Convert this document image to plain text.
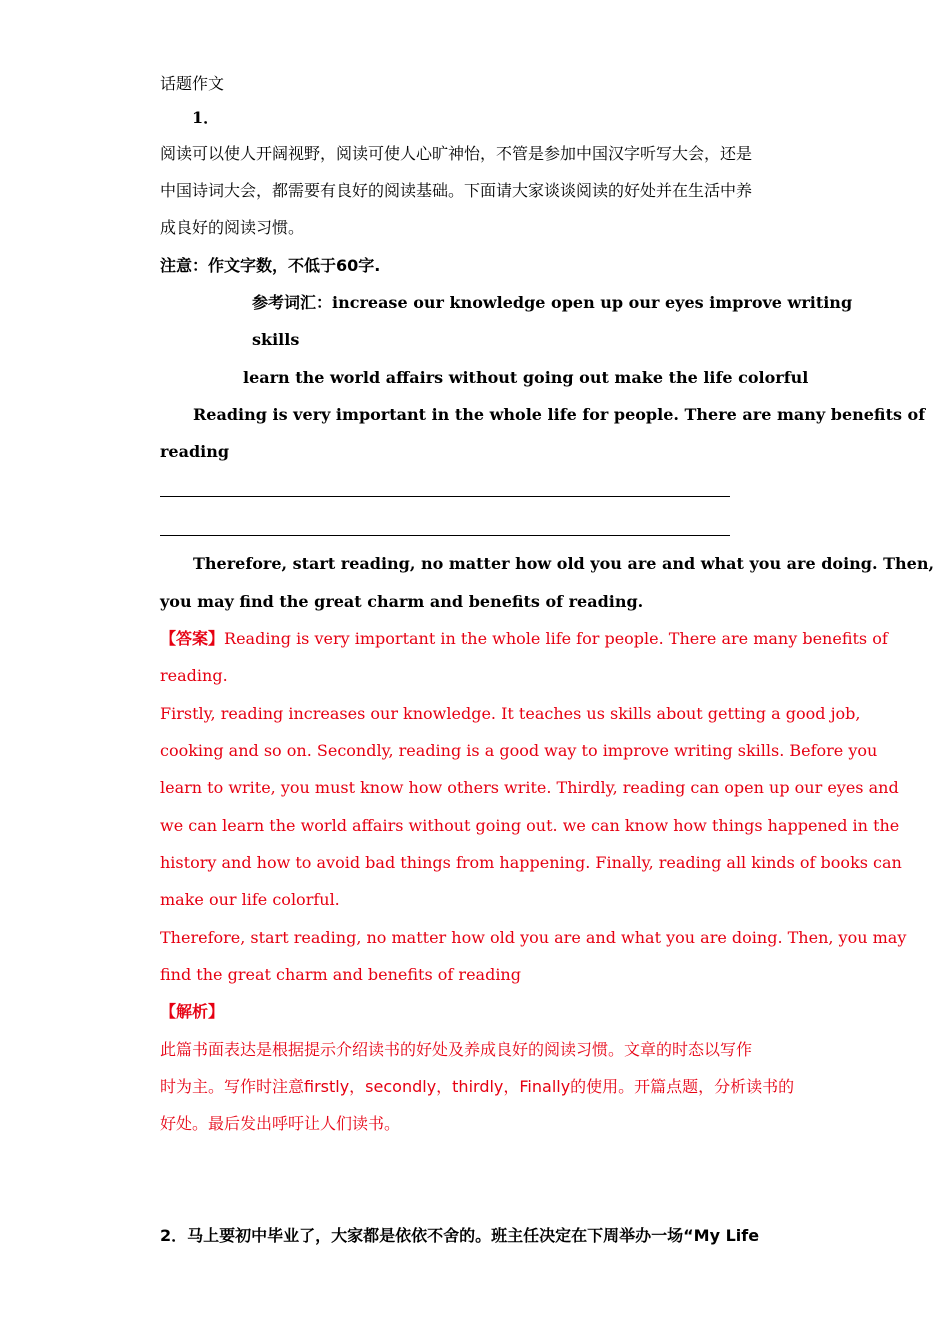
话题作文
1．
阅读可以使人开阔视野，阅读可使人心旷神怡，不管是参加中国汉字听写大会，还是
中国诗词大会，都需要有良好的阅读基础。下面请大家谈谈阅读的好处并在生活中养
成良好的阅读习惯。
注意：作文字数，不低于60字.
参考词汇：increase our knowledge open up our eyes improve writing
skills
learn the world affairs without going out make the life colorful
Reading is very important in the whole life for people. There are many benefits of
reading
Therefore, start reading, no matter how old you are and what you are doing. Then,
you may find the great charm and benefits of reading.
【答案】Reading is very important in the whole life for people. There are many benefits of
reading.
Firstly, reading increases our knowledge. It teaches us skills about getting a good job,
cooking and so on. Secondly, reading is a good way to improve writing skills. Before you
learn to write, you must know how others write. Thirdly, reading can open up our eyes and
we can learn the world affairs without going out. we can know how things happened in the
history and how to avoid bad things from happening. Finally, reading all kinds of books can
make our life colorful.
Therefore, start reading, no matter how old you are and what you are doing. Then, you may
find the great charm and benefits of reading
【解析】
此篇书面表达是根据提示介绍读书的好处及养成良好的阅读习惯。文章的时态以写作
时为主。写作时注意firstly，secondly，thirdly，Finally的使用。开篇点题，分析读书的
好处。最后发出呼吁让人们读书。
2．马上要初中毕业了，大家都是依依不舍的。班主任决定在下周举办一场“My Life
